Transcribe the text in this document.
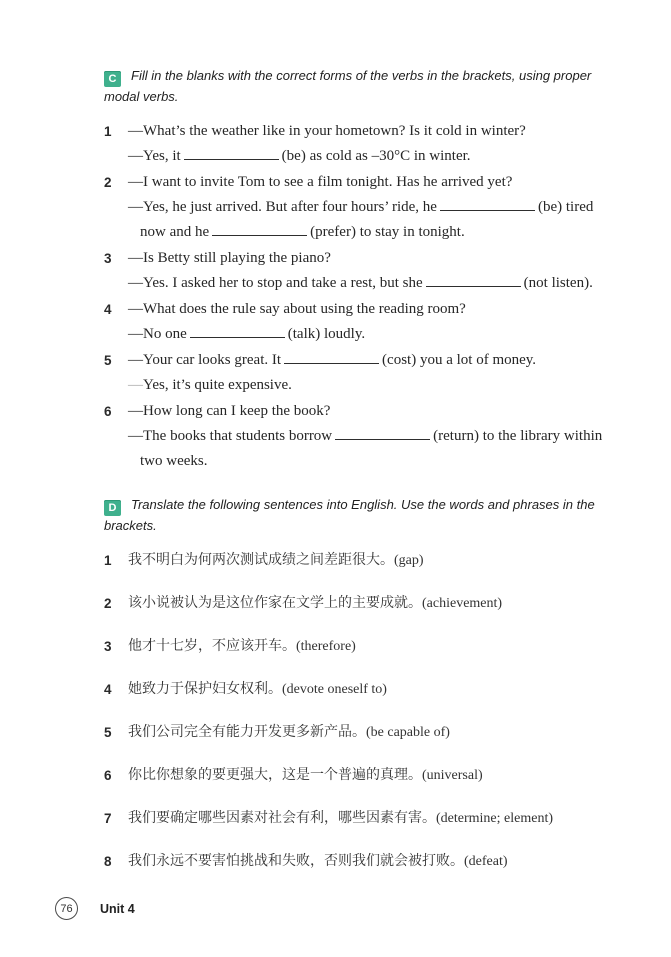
C Fill in the blanks with the correct forms of the verbs in the brackets, using proper modal verbs.
1	—What’s the weather like in your hometown? Is it cold in winter?
—Yes, it	(be) as cold as –30°C in winter.
2	—I want to invite Tom to see a film tonight. Has he arrived yet?
—Yes, he just arrived. But after four hours’ ride, he	(be) tired
now and he	(prefer) to stay in tonight.
3	—Is Betty still playing the piano?
—Yes. I asked her to stop and take a rest, but she	(not listen).
4	—What does the rule say about using the reading room?
—No one	(talk) loudly.
5	—Your car looks great. It	(cost) you a lot of money.
—Yes, it’s quite expensive.
6	—How long can I keep the book?
—The books that students borrow	(return) to the library within
two weeks.
D Translate the following sentences into English. Use the words and phrases in the brackets.
1	我不明白为何两次测试成绩之间差距很大。(gap)
2	该小说被认为是这位作家在文学上的主要成就。(achievement)
3	他才十七岁，不应该开车。(therefore)
4	她致力于保护妇女权利。(devote oneself to)
5	我们公司完全有能力开发更多新产品。(be capable of)
6	你比你想象的要更强大，这是一个普遍的真理。(universal)
7	我们要确定哪些因素对社会有利，哪些因素有害。(determine; element)
8	我们永远不要害怕挑战和失败，否则我们就会被打败。(defeat)
76	Unit 4
